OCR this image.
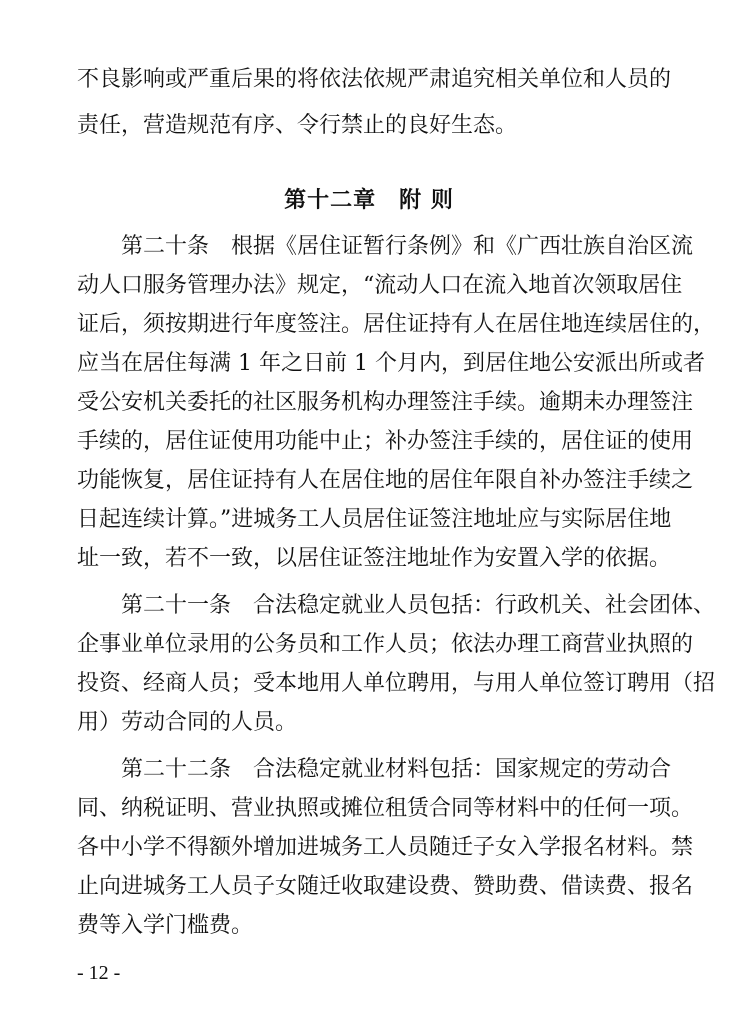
不良影响或严重后果的将依法依规严肃追究相关单位和人员的
责任，营造规范有序、令行禁止的良好生态。
第十二章　附 则
第二十条　根据《居住证暂行条例》和《广西壮族自治区流
动人口服务管理办法》规定，“流动人口在流入地首次领取居住
证后，须按期进行年度签注。居住证持有人在居住地连续居住的，
应当在居住每满 1 年之日前 1 个月内，到居住地公安派出所或者
受公安机关委托的社区服务机构办理签注手续。逾期未办理签注
手续的，居住证使用功能中止；补办签注手续的，居住证的使用
功能恢复，居住证持有人在居住地的居住年限自补办签注手续之
日起连续计算。”进城务工人员居住证签注地址应与实际居住地
址一致，若不一致，以居住证签注地址作为安置入学的依据。
第二十一条　合法稳定就业人员包括：行政机关、社会团体、
企事业单位录用的公务员和工作人员；依法办理工商营业执照的
投资、经商人员；受本地用人单位聘用，与用人单位签订聘用（招
用）劳动合同的人员。
第二十二条　合法稳定就业材料包括：国家规定的劳动合
同、纳税证明、营业执照或摊位租赁合同等材料中的任何一项。
各中小学不得额外增加进城务工人员随迁子女入学报名材料。禁
止向进城务工人员子女随迁收取建设费、赞助费、借读费、报名
费等入学门槛费。
- 12 -
